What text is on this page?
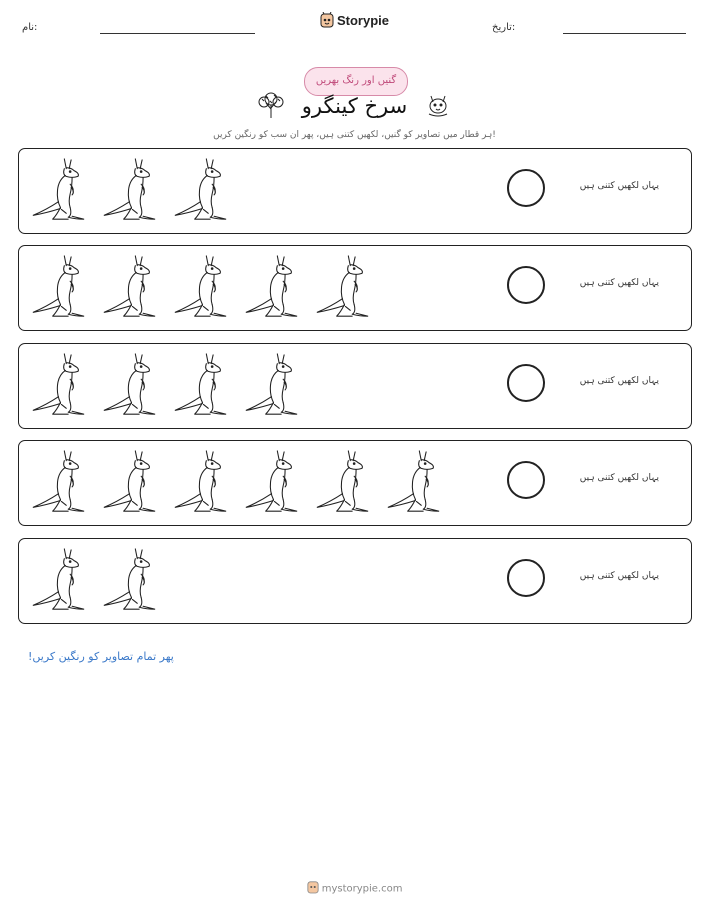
نام:	Storypie	تاریخ:
گنیں اور رنگ بھریں
سرخ کینگرو
ہر قطار میں تصاویر کو گنیں، لکھیں کتنی ہیں، پھر ان سب کو رنگین کریں!
یہاں لکھیں کتنی ہیں
یہاں لکھیں کتنی ہیں
یہاں لکھیں کتنی ہیں
یہاں لکھیں کتنی ہیں
یہاں لکھیں کتنی ہیں
پھر تمام تصاویر کو رنگین کریں!
mystorypie.com
